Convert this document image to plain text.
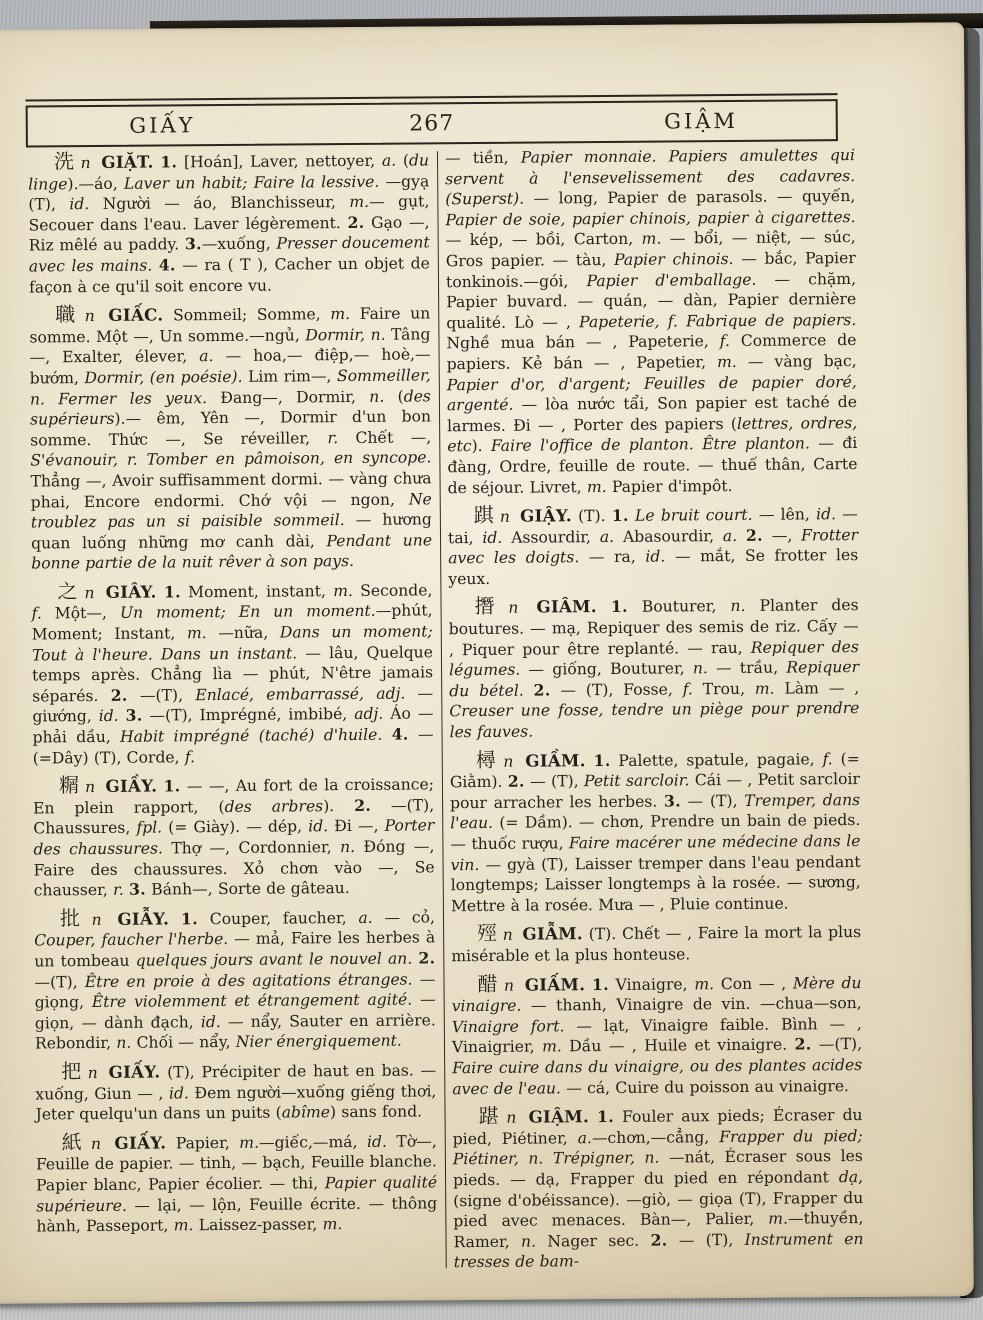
GIẤY	267	GIẬM

洗 n GIẶT. 1. [Hoán], Laver, nettoyer, a. (du linge).—áo, Laver un habit; Faire la lessive. —gyạ (T), id. Người — áo, Blanchisseur, m.— gụt, Secouer dans l'eau. Laver légèrement. 2. Gạo —, Riz mêlé au paddy. 3.—xuống, Presser doucement avec les mains. 4. — ra ( T ), Cacher un objet de façon à ce qu'il soit encore vu.

職 n GIẤC. Sommeil; Somme, m. Faire un somme. Một —, Un somme.—ngủ, Dormir, n. Tâng —, Exalter, élever, a. — hoa,— điệp,— hoè,— bướm, Dormir, (en poésie). Lim rim—, Sommeiller, n. Fermer les yeux. Đang—, Dormir, n. (des supérieurs).— êm, Yên —, Dormir d'un bon somme. Thức —, Se réveiller, r. Chết —, S'évanouir, r. Tomber en pâmoison, en syncope. Thẳng —, Avoir suffisamment dormi. — vàng chưa phai, Encore endormi. Chớ vội — ngon, Ne troublez pas un si paisible sommeil. — hương quan luống những mơ canh dài, Pendant une bonne partie de la nuit rêver à son pays.

之 n GIÂY. 1. Moment, instant, m. Seconde, f. Một—, Un moment; En un moment.—phút, Moment; Instant, m. —nữa, Dans un moment; Tout à l'heure. Dans un instant. — lâu, Quelque temps après. Chẳng lìa — phút, N'être jamais séparés. 2. —(T), Enlacé, embarrassé, adj. — giướng, id. 3. —(T), Imprégné, imbibé, adj. Áo — phải dầu, Habit imprégné (taché) d'huile. 4. — (=Dây) (T), Corde, f.

糏 n GIẦY. 1. — —, Au fort de la croissance; En plein rapport, (des arbres). 2. —(T), Chaussures, fpl. (= Giày). — dép, id. Đi —, Porter des chaussures. Thợ —, Cordonnier, n. Đóng —, Faire des chaussures. Xỏ chơn vào —, Se chausser, r. 3. Bánh—, Sorte de gâteau.

批 n GIẪY. 1. Couper, faucher, a. — cỏ, Couper, faucher l'herbe. — mả, Faire les herbes à un tombeau quelques jours avant le nouvel an. 2. —(T), Être en proie à des agitations étranges. — giọng, Être violemment et étrangement agité. — giọn, — dành đạch, id. — nẩy, Sauter en arrière. Rebondir, n. Chối — nẩy, Nier énergiquement.

把 n GIẤY. (T), Précipiter de haut en bas. — xuống, Giun — , id. Đem người—xuống giếng thơi, Jeter quelqu'un dans un puits (abîme) sans fond.

紙 n GIẤY. Papier, m.—giếc,—má, id. Tờ—, Feuille de papier. — tinh, — bạch, Feuille blanche. Papier blanc, Papier écolier. — thi, Papier qualité supérieure. — lại, — lộn, Feuille écrite. — thông hành, Passeport, m. Laissez-passer, m.

— tiền, Papier monnaie. Papiers amulettes qui servent à l'ensevelissement des cadavres. (Superst). — long, Papier de parasols. — quyến, Papier de soie, papier chinois, papier à cigarettes. — kép, — bồi, Carton, m. — bổi, — niệt, — súc, Gros papier. — tàu, Papier chinois. — bắc, Papier tonkinois.—gói, Papier d'emballage. — chặm, Papier buvard. — quán, — dàn, Papier dernière qualité. Lò — , Papeterie, f. Fabrique de papiers. Nghề mua bán — , Papeterie, f. Commerce de papiers. Kẻ bán — , Papetier, m. — vàng bạc, Papier d'or, d'argent; Feuilles de papier doré, argenté. — lòa nước tẩi, Son papier est taché de larmes. Đi — , Porter des papiers (lettres, ordres, etc). Faire l'office de planton. Être planton. — đi đàng, Ordre, feuille de route. — thuế thân, Carte de séjour. Livret, m. Papier d'impôt.

踑 n GIẬY. (T). 1. Le bruit court. — lên, id. — tai, id. Assourdir, a. Abasourdir, a. 2. —, Frotter avec les doigts. — ra, id. — mắt, Se frotter les yeux.

撍 n GIÂM. 1. Bouturer, n. Planter des boutures. — mạ, Repiquer des semis de riz. Cấy — , Piquer pour être replanté. — rau, Repiquer des légumes. — giống, Bouturer, n. — trầu, Repiquer du bétel. 2. — (T), Fosse, f. Trou, m. Làm — , Creuser une fosse, tendre un piège pour prendre les fauves.

樳 n GIẦM. 1. Palette, spatule, pagaie, f. (= Giằm). 2. — (T), Petit sarcloir. Cái — , Petit sarcloir pour arracher les herbes. 3. — (T), Tremper, dans l'eau. (= Dầm). — chơn, Prendre un bain de pieds. — thuốc rượu, Faire macérer une médecine dans le vin. — gyà (T), Laisser tremper dans l'eau pendant longtemps; Laisser longtemps à la rosée. — sương, Mettre à la rosée. Mưa — , Pluie continue.

殌 n GIẪM. (T). Chết — , Faire la mort la plus misérable et la plus honteuse.

醋 n GIẤM. 1. Vinaigre, m. Con — , Mère du vinaigre. — thanh, Vinaigre de vin. —chua—son, Vinaigre fort. — lạt, Vinaigre faible. Bình — , Vinaigrier, m. Dầu — , Huile et vinaigre. 2. —(T), Faire cuire dans du vinaigre, ou des plantes acides avec de l'eau. — cá, Cuire du poisson au vinaigre.

踸 n GIẬM. 1. Fouler aux pieds; Écraser du pied, Piétiner, a.—chơn,—cẳng, Frapper du pied; Piétiner, n. Trépigner, n. —nát, Écraser sous les pieds. — dạ, Frapper du pied en répondant dạ, (signe d'obéissance). —giò, — giọa (T), Frapper du pied avec menaces. Bàn—, Palier, m.—thuyền, Ramer, n. Nager sec. 2. — (T), Instrument en tresses de bam-
